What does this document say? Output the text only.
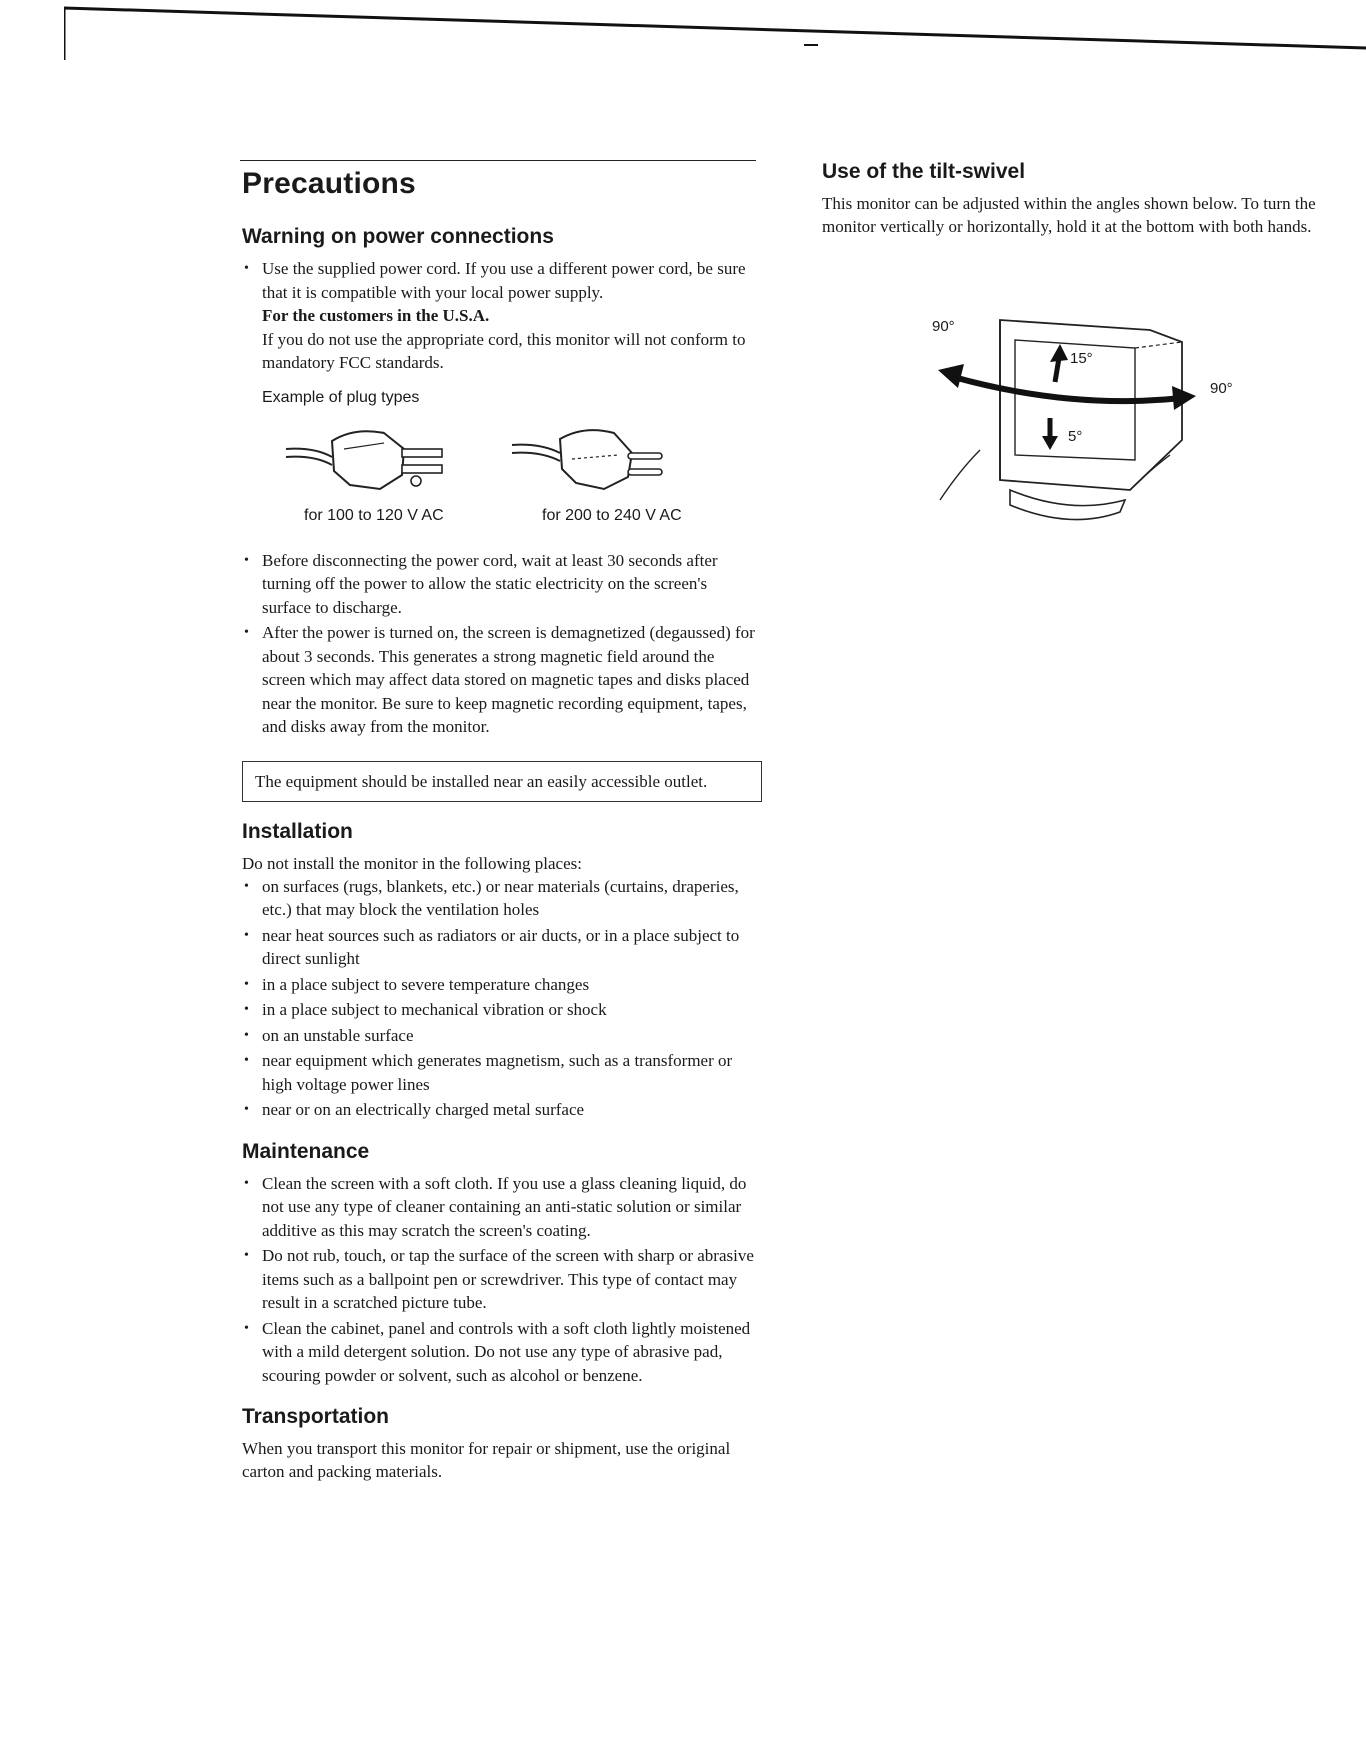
Precautions
Warning on power connections
• Use the supplied power cord. If you use a different power cord, be sure that it is compatible with your local power supply.
For the customers in the U.S.A.
If you do not use the appropriate cord, this monitor will not conform to mandatory FCC standards.
Example of plug types
for 100 to 120 V AC	for 200 to 240 V AC
• Before disconnecting the power cord, wait at least 30 seconds after turning off the power to allow the static electricity on the screen's surface to discharge.
• After the power is turned on, the screen is demagnetized (degaussed) for about 3 seconds. This generates a strong magnetic field around the screen which may affect data stored on magnetic tapes and disks placed near the monitor. Be sure to keep magnetic recording equipment, tapes, and disks away from the monitor.
The equipment should be installed near an easily accessible outlet.
Installation

Do not install the monitor in the following places:

• on surfaces (rugs, blankets, etc.) or near materials (curtains, draperies, etc.) that may block the ventilation holes
• near heat sources such as radiators or air ducts, or in a place subject to direct sunlight
• in a place subject to severe temperature changes
• in a place subject to mechanical vibration or shock
• on an unstable surface
• near equipment which generates magnetism, such as a transformer or high voltage power lines
• near or on an electrically charged metal surface
Maintenance
• Clean the screen with a soft cloth. If you use a glass cleaning liquid, do not use any type of cleaner containing an anti-static solution or similar additive as this may scratch the screen's coating.
• Do not rub, touch, or tap the surface of the screen with sharp or abrasive items such as a ballpoint pen or screwdriver. This type of contact may result in a scratched picture tube.
• Clean the cabinet, panel and controls with a soft cloth lightly moistened with a mild detergent solution. Do not use any type of abrasive pad, scouring powder or solvent, such as alcohol or benzene.
Transportation

When you transport this monitor for repair or shipment, use the original carton and packing materials.

Use of the tilt-swivel

This monitor can be adjusted within the angles shown below. To turn the monitor vertically or horizontally, hold it at the bottom with both hands.

90°
90°
15°
5°
